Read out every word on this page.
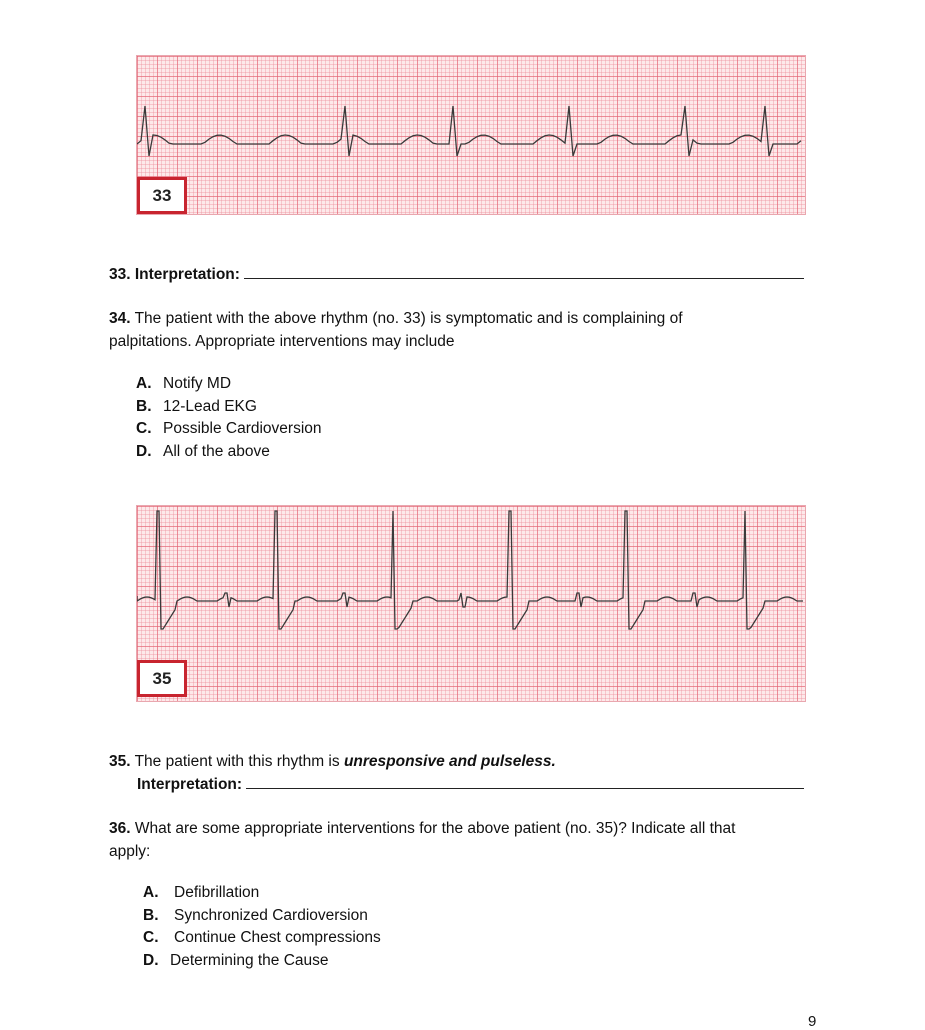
33
33. Interpretation:
34. The patient with the above rhythm (no. 33) is symptomatic and is complaining of
palpitations. Appropriate interventions may include
A. Notify MD
B. 12-Lead EKG
C. Possible Cardioversion
D. All of the above
35
35. The patient with this rhythm is unresponsive and pulseless.
Interpretation:
36. What are some appropriate interventions for the above patient (no. 35)? Indicate all that
apply:
A. Defibrillation
B. Synchronized Cardioversion
C. Continue Chest compressions
D. Determining the Cause
9
